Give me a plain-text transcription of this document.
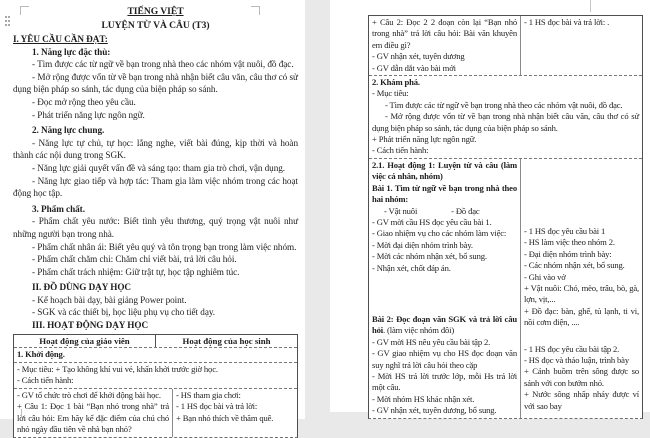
TIẾNG VIỆT
LUYỆN TỪ VÀ CÂU (T3)
I. YÊU CẦU CẦN ĐẠT:
1. Năng lực đặc thù:
- Tìm được các từ ngữ về bạn trong nhà theo các nhóm vật nuôi, đồ đạc.
- Mở rộng được vốn từ về bạn trong nhà nhận biết câu văn, câu thơ có sử dụng biện pháp so sánh, tác dụng của biện pháp so sánh.
- Đọc mở rộng theo yêu cầu.
- Phát triển năng lực ngôn ngữ.
2. Năng lực chung.
- Năng lực tự chủ, tự học: lắng nghe, viết bài đúng, kịp thời và hoàn thành các nội dung trong SGK.
- Năng lực giải quyết vấn đề và sáng tạo: tham gia trò chơi, vận dụng.
- Năng lực giao tiếp và hợp tác: Tham gia làm việc nhóm trong các hoạt động học tập.
3. Phẩm chất.
- Phẩm chất yêu nước: Biết tình yêu thương, quý trọng vật nuôi như những người bạn trong nhà.
- Phẩm chất nhân ái: Biết yêu quý và tôn trọng bạn trong làm việc nhóm.
- Phẩm chất chăm chỉ: Chăm chỉ viết bài, trả lời câu hỏi.
- Phẩm chất trách nhiệm: Giữ trật tự, học tập nghiêm túc.
II. ĐỒ DÙNG DẠY HỌC
- Kế hoạch bài dạy, bài giảng Power point.
- SGK và các thiết bị, học liệu phụ vụ cho tiết dạy.
III. HOẠT ĐỘNG DẠY HỌC
Hoạt động của giáo viên	Hoạt động của học sinh
1. Khởi động.
- Mục tiêu: + Tạo không khí vui vẻ, khấn khởi trước giờ học.
- Cách tiến hành:
- GV tổ chức trò chơi để khởi động bài học.
+ Câu 1: Đọc 1 bài “Bạn nhỏ trong nhà” trả lời câu hỏi: Em hãy kể đặc điểm của chú chó nhỏ ngày đầu tiên về nhà bạn nhỏ?
- HS tham gia chơi:
- 1 HS đọc bài và trả lời:
+ Bạn nhỏ thích về thăm quê.
+ Câu 2: Đọc 2 2 đoạn còn lại “Bạn nhỏ trong nhà” trả lời câu hỏi: Bài văn khuyên em điều gì?
- GV nhận xét, tuyên dương
- GV dẫn dắt vào bài mới
- 1 HS đọc bài và trả lời: .
2. Khám phá.
- Mục tiêu:
- Tìm được các từ ngữ về bạn trong nhà theo các nhóm vật nuôi, đồ đạc.
- Mở rộng được vốn từ về bạn trong nhà nhận biết câu văn, câu thơ có sử dụng biện pháp so sánh, tác dụng của biện pháp so sánh.
+ Phát triển năng lực ngôn ngữ.
- Cách tiến hành:
2.1. Hoạt động 1: Luyện từ và câu (làm việc cá nhân, nhóm)
Bài 1. Tìm từ ngữ về bạn trong nhà theo hai nhóm:
- Vật nuôi                 - Đồ đạc
- GV mời cầu HS đọc yêu cầu bài 1.
- Giao nhiệm vụ cho các nhóm làm việc:
- Mời đại diện nhóm trình bày.
- Mời các nhóm nhận xét, bổ sung.
- Nhận xét, chốt đáp án.
Bài 2: Đọc đoạn văn SGK và trả lời câu hỏi. (làm việc nhóm đôi)
- GV mời HS nêu yêu cầu bài tập 2.
- GV giao nhiệm vụ cho HS đọc đoạn văn suy nghĩ trả lời câu hỏi theo cặp
- Mời HS trả lời trước lớp, mỗi Hs trả lời một câu.
- Mời nhóm HS khác nhận xét.
- GV nhận xét, tuyên dương, bổ sung.
- 1 HS đọc yêu cầu bài 1
- HS làm việc theo nhóm 2.
- Đại diện nhóm trình bày:
- Các nhóm nhận xét, bổ sung.
- Ghi vào vở
+ Vật nuôi: Chó, mèo, trâu, bò, gà, lợn, vịt,...
+ Đồ đạc: bàn, ghế, tủ lạnh, ti vi, nồi cơm điện, ....
- 1 HS đọc yêu cầu bài tập 2.
- HS đọc và thảo luận, trình bày
+ Cánh buồm trên sông được so sánh với con bướm nhỏ.
+ Nước sông nhấp nháy được ví với sao bay
